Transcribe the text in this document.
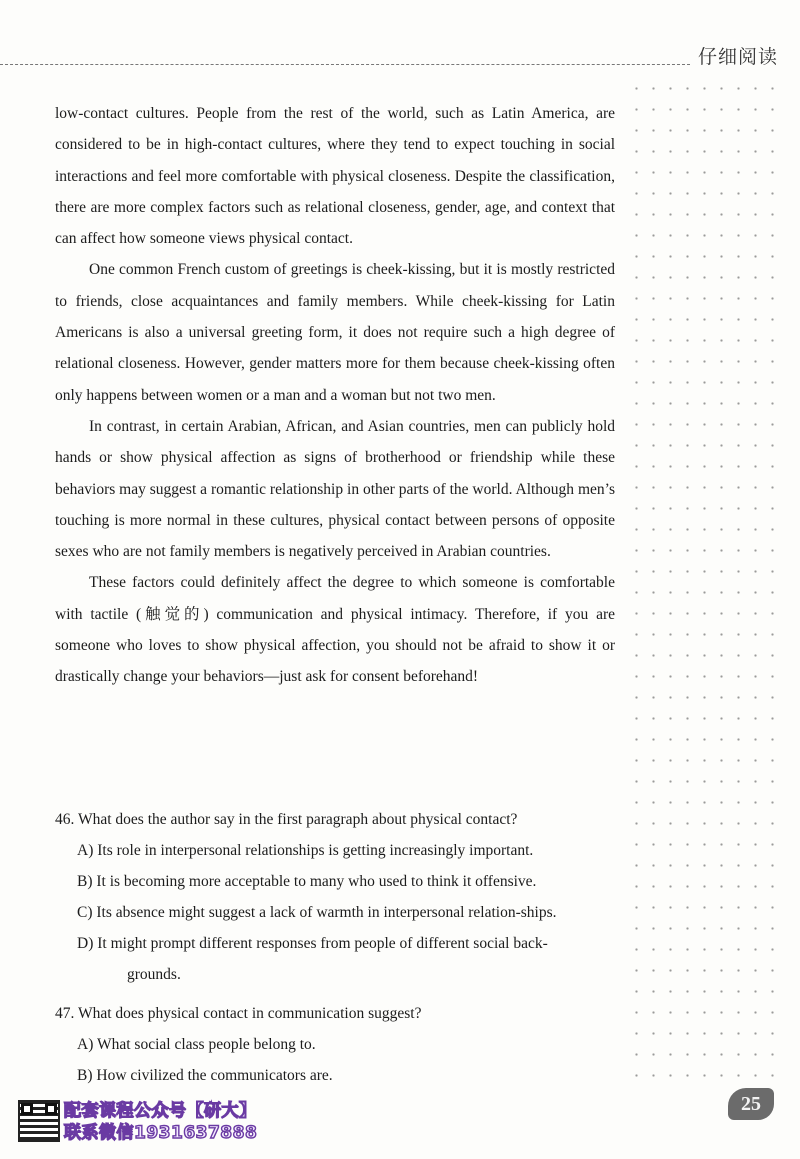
仔细阅读

low-contact cultures. People from the rest of the world, such as Latin America, are considered to be in high-contact cultures, where they tend to expect touching in social interactions and feel more comfortable with physical closeness. Despite the classification, there are more complex factors such as relational closeness, gender, age, and context that can affect how someone views physical contact.

One common French custom of greetings is cheek-kissing, but it is mostly restricted to friends, close acquaintances and family members. While cheek-kissing for Latin Americans is also a universal greeting form, it does not require such a high degree of relational closeness. However, gender matters more for them because cheek-kissing often only happens between women or a man and a woman but not two men.

In contrast, in certain Arabian, African, and Asian countries, men can publicly hold hands or show physical affection as signs of brotherhood or friendship while these behaviors may suggest a romantic relationship in other parts of the world. Although men’s touching is more normal in these cultures, physical contact between persons of opposite sexes who are not family members is negatively perceived in Arabian countries.

These factors could definitely affect the degree to which someone is comfortable with tactile (触觉的) communication and physical intimacy. Therefore, if you are someone who loves to show physical affection, you should not be afraid to show it or drastically change your behaviors—just ask for consent beforehand!

46. What does the author say in the first paragraph about physical contact?
A) Its role in interpersonal relationships is getting increasingly important.
B) It is becoming more acceptable to many who used to think it offensive.
C) Its absence might suggest a lack of warmth in interpersonal relation-ships.
D) It might prompt different responses from people of different social back-
grounds.
47. What does physical contact in communication suggest?
A) What social class people belong to.
B) How civilized the communicators are.
配套课程公众号【研大】
联系微信1931637888
25
